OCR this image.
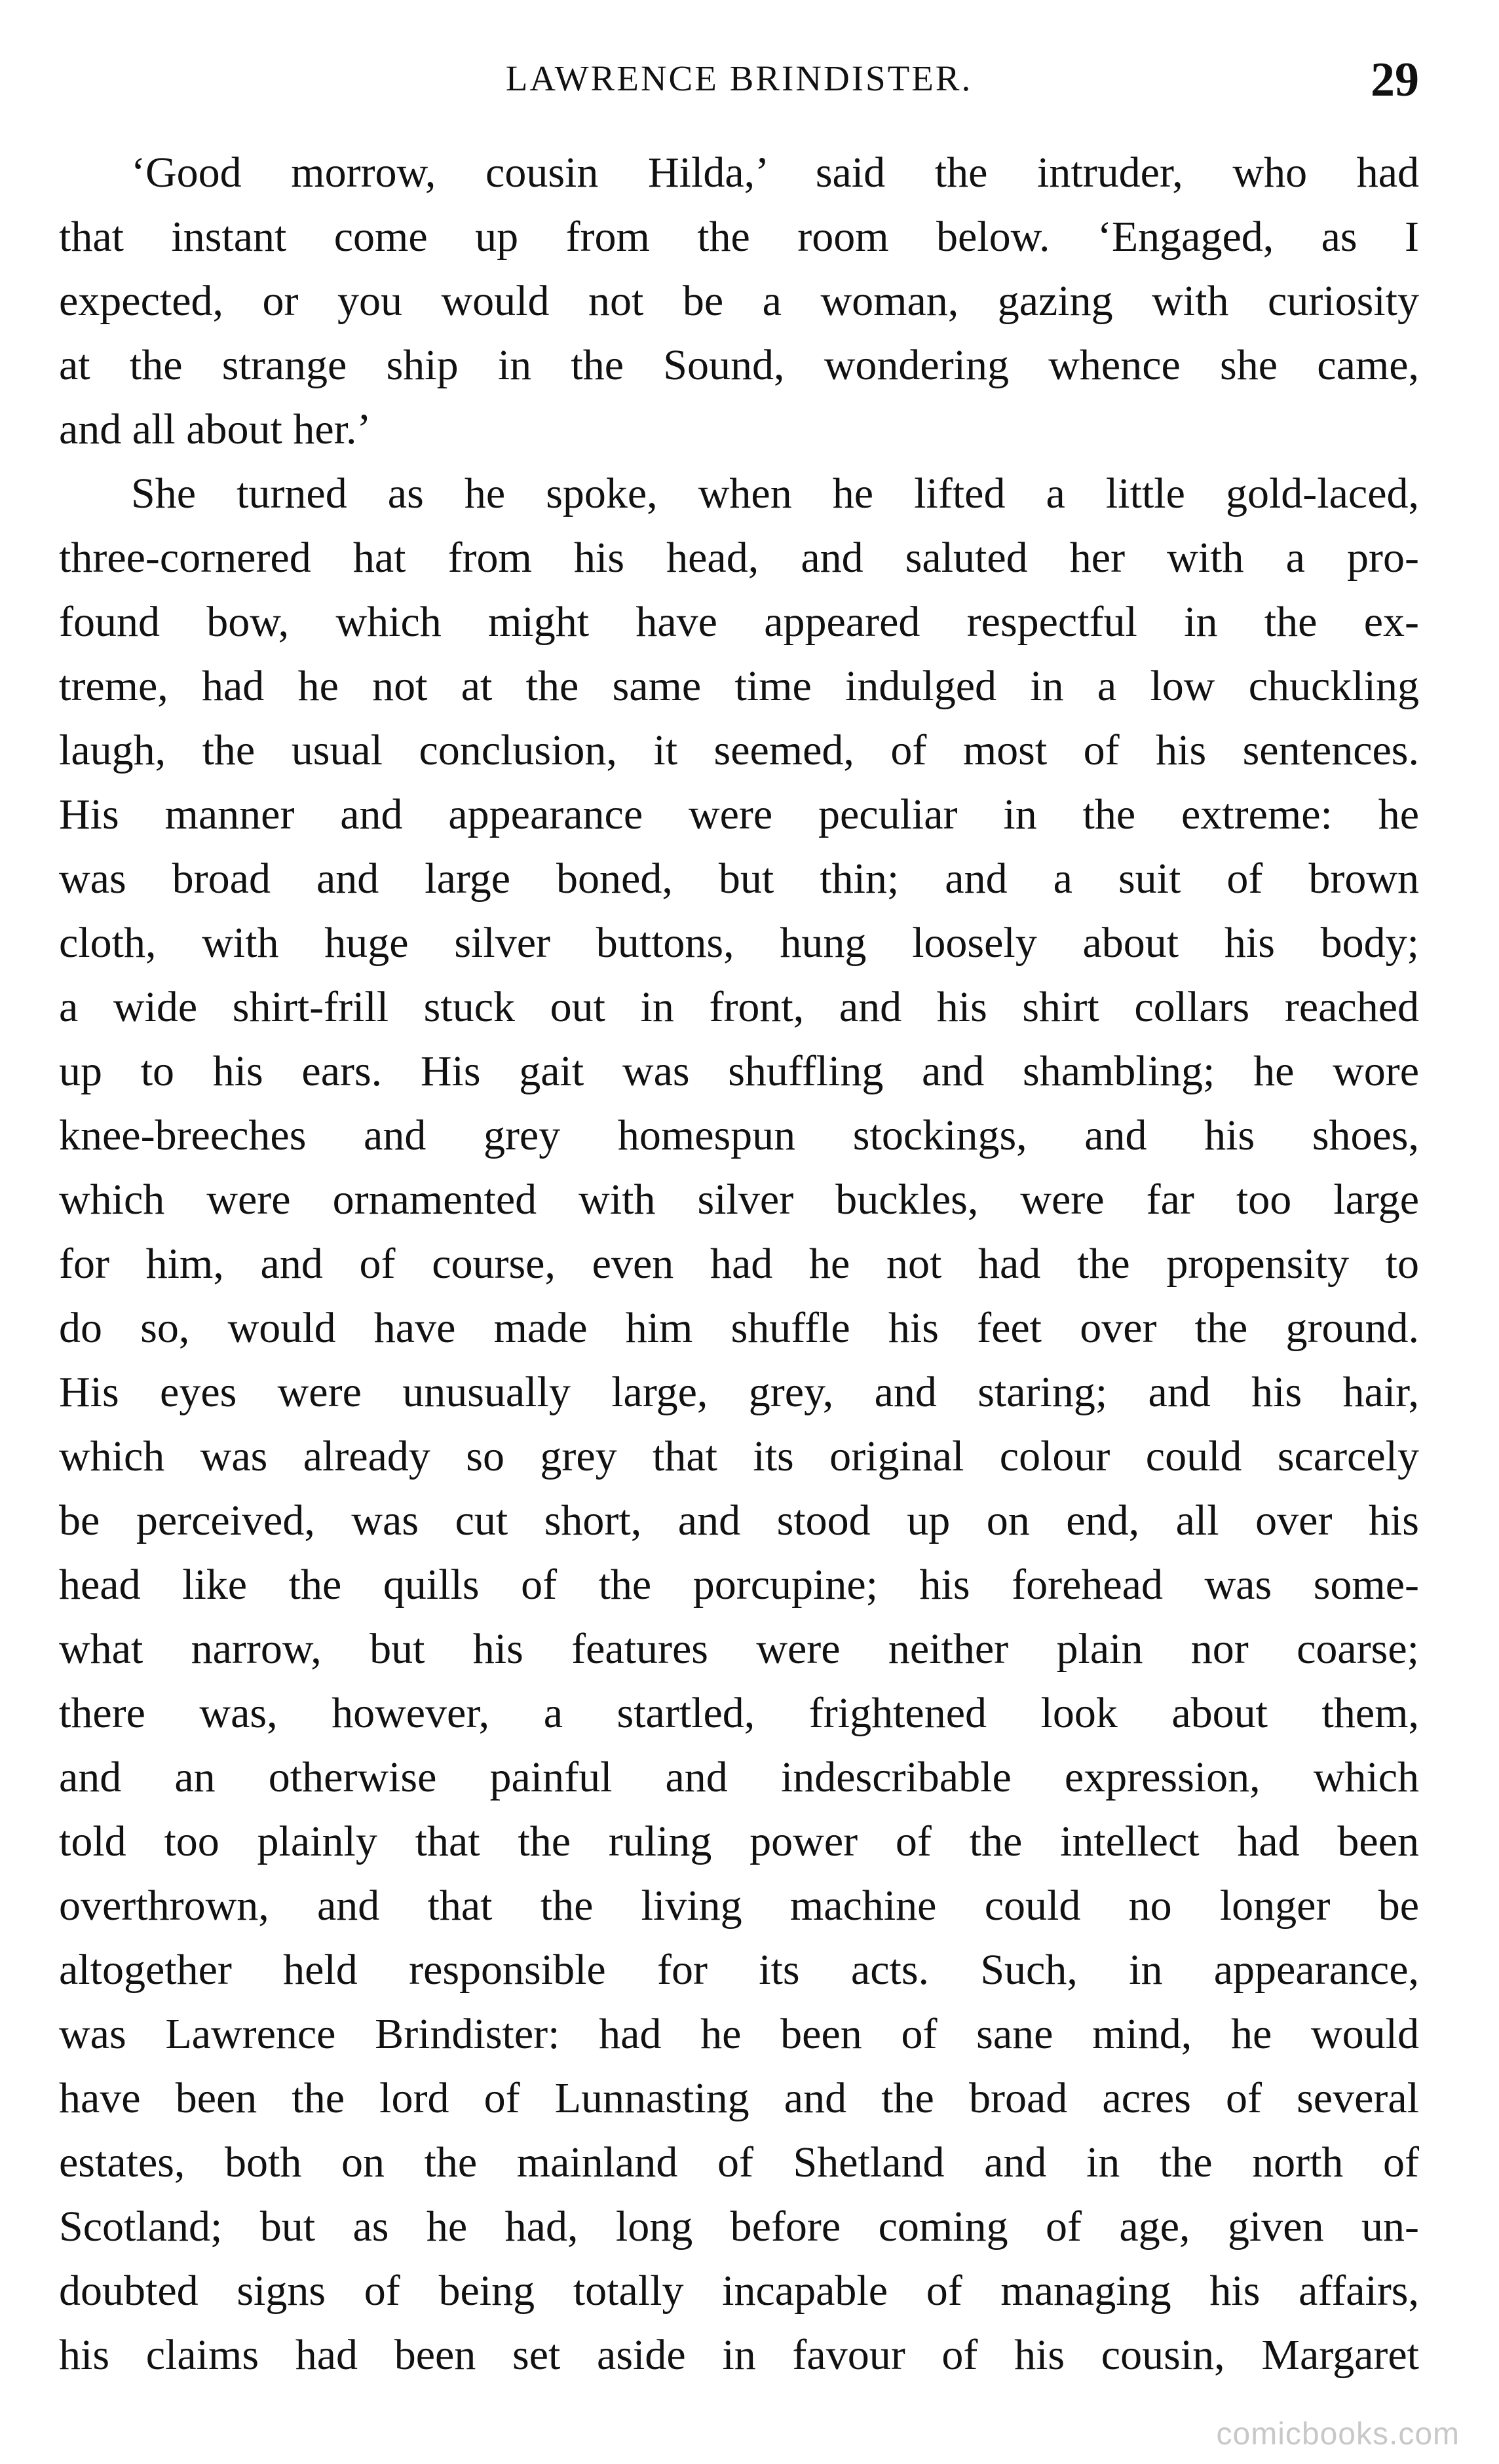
LAWRENCE BRINDISTER.	29
‘Good morrow, cousin Hilda,’ said the intruder, who had
that instant come up from the room below. ‘Engaged, as I
expected, or you would not be a woman, gazing with curiosity
at the strange ship in the Sound, wondering whence she came,
and all about her.’
She turned as he spoke, when he lifted a little gold-laced,
three-cornered hat from his head, and saluted her with a pro-
found bow, which might have appeared respectful in the ex-
treme, had he not at the same time indulged in a low chuckling
laugh, the usual conclusion, it seemed, of most of his sentences.
His manner and appearance were peculiar in the extreme: he
was broad and large boned, but thin; and a suit of brown
cloth, with huge silver buttons, hung loosely about his body;
a wide shirt-frill stuck out in front, and his shirt collars reached
up to his ears. His gait was shuffling and shambling; he wore
knee-breeches and grey homespun stockings, and his shoes,
which were ornamented with silver buckles, were far too large
for him, and of course, even had he not had the propensity to
do so, would have made him shuffle his feet over the ground.
His eyes were unusually large, grey, and staring; and his hair,
which was already so grey that its original colour could scarcely
be perceived, was cut short, and stood up on end, all over his
head like the quills of the porcupine; his forehead was some-
what narrow, but his features were neither plain nor coarse;
there was, however, a startled, frightened look about them,
and an otherwise painful and indescribable expression, which
told too plainly that the ruling power of the intellect had been
overthrown, and that the living machine could no longer be
altogether held responsible for its acts. Such, in appearance,
was Lawrence Brindister: had he been of sane mind, he would
have been the lord of Lunnasting and the broad acres of several
estates, both on the mainland of Shetland and in the north of
Scotland; but as he had, long before coming of age, given un-
doubted signs of being totally incapable of managing his affairs,
his claims had been set aside in favour of his cousin, Margaret
comicbooks.com
